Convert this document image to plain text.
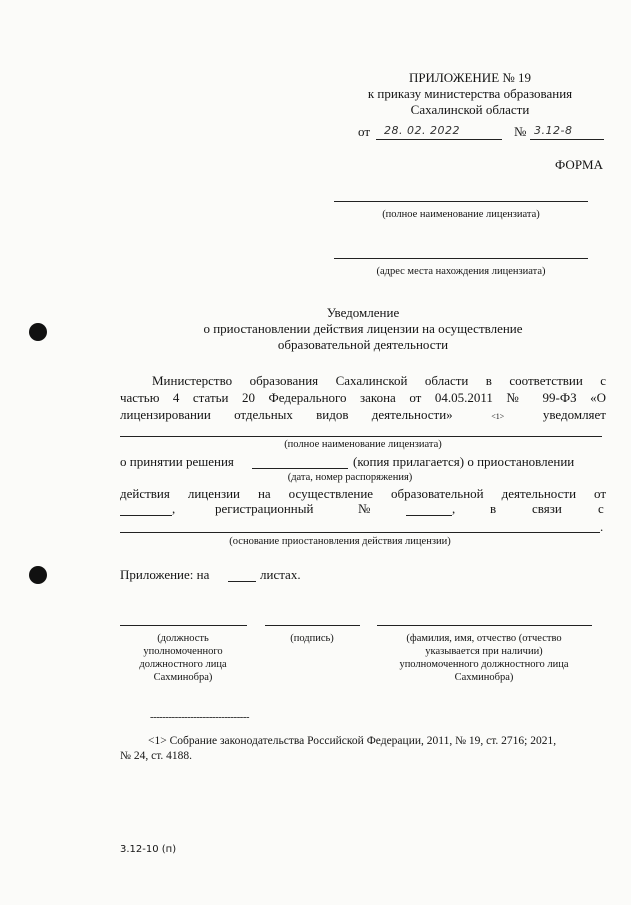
ПРИЛОЖЕНИЕ № 19
к приказу министерства образования
Сахалинской области
от 28. 02. 2022	№ 3.12-8
ФОРМА
(полное наименование лицензиата)
(адрес места нахождения лицензиата)
Уведомление
о приостановлении действия лицензии на осуществление
образовательной деятельности
Министерство образования Сахалинской области в соответствии с
частью 4 статьи 20 Федерального закона от 04.05.2011 № 99-ФЗ «О
лицензировании отдельных видов деятельности»	<1>	уведомляет
(полное наименование лицензиата)
о принятии решения	(копия прилагается) о приостановлении
(дата, номер распоряжения)
действия лицензии на осуществление образовательной деятельности от
,	регистрационный	№	,	в	связи	с
.
(основание приостановления действия лицензии)
Приложение: на	листах.
(должность
уполномоченного
должностного лица
Сахминобра)
(подпись)	(фамилия, имя, отчество (отчество
указывается при наличии)
уполномоченного должностного лица
Сахминобра)
--------------------------------
<1> Собрание законодательства Российской Федерации, 2011, № 19, ст. 2716; 2021,
№ 24, ст. 4188.
3.12-10 (п)
